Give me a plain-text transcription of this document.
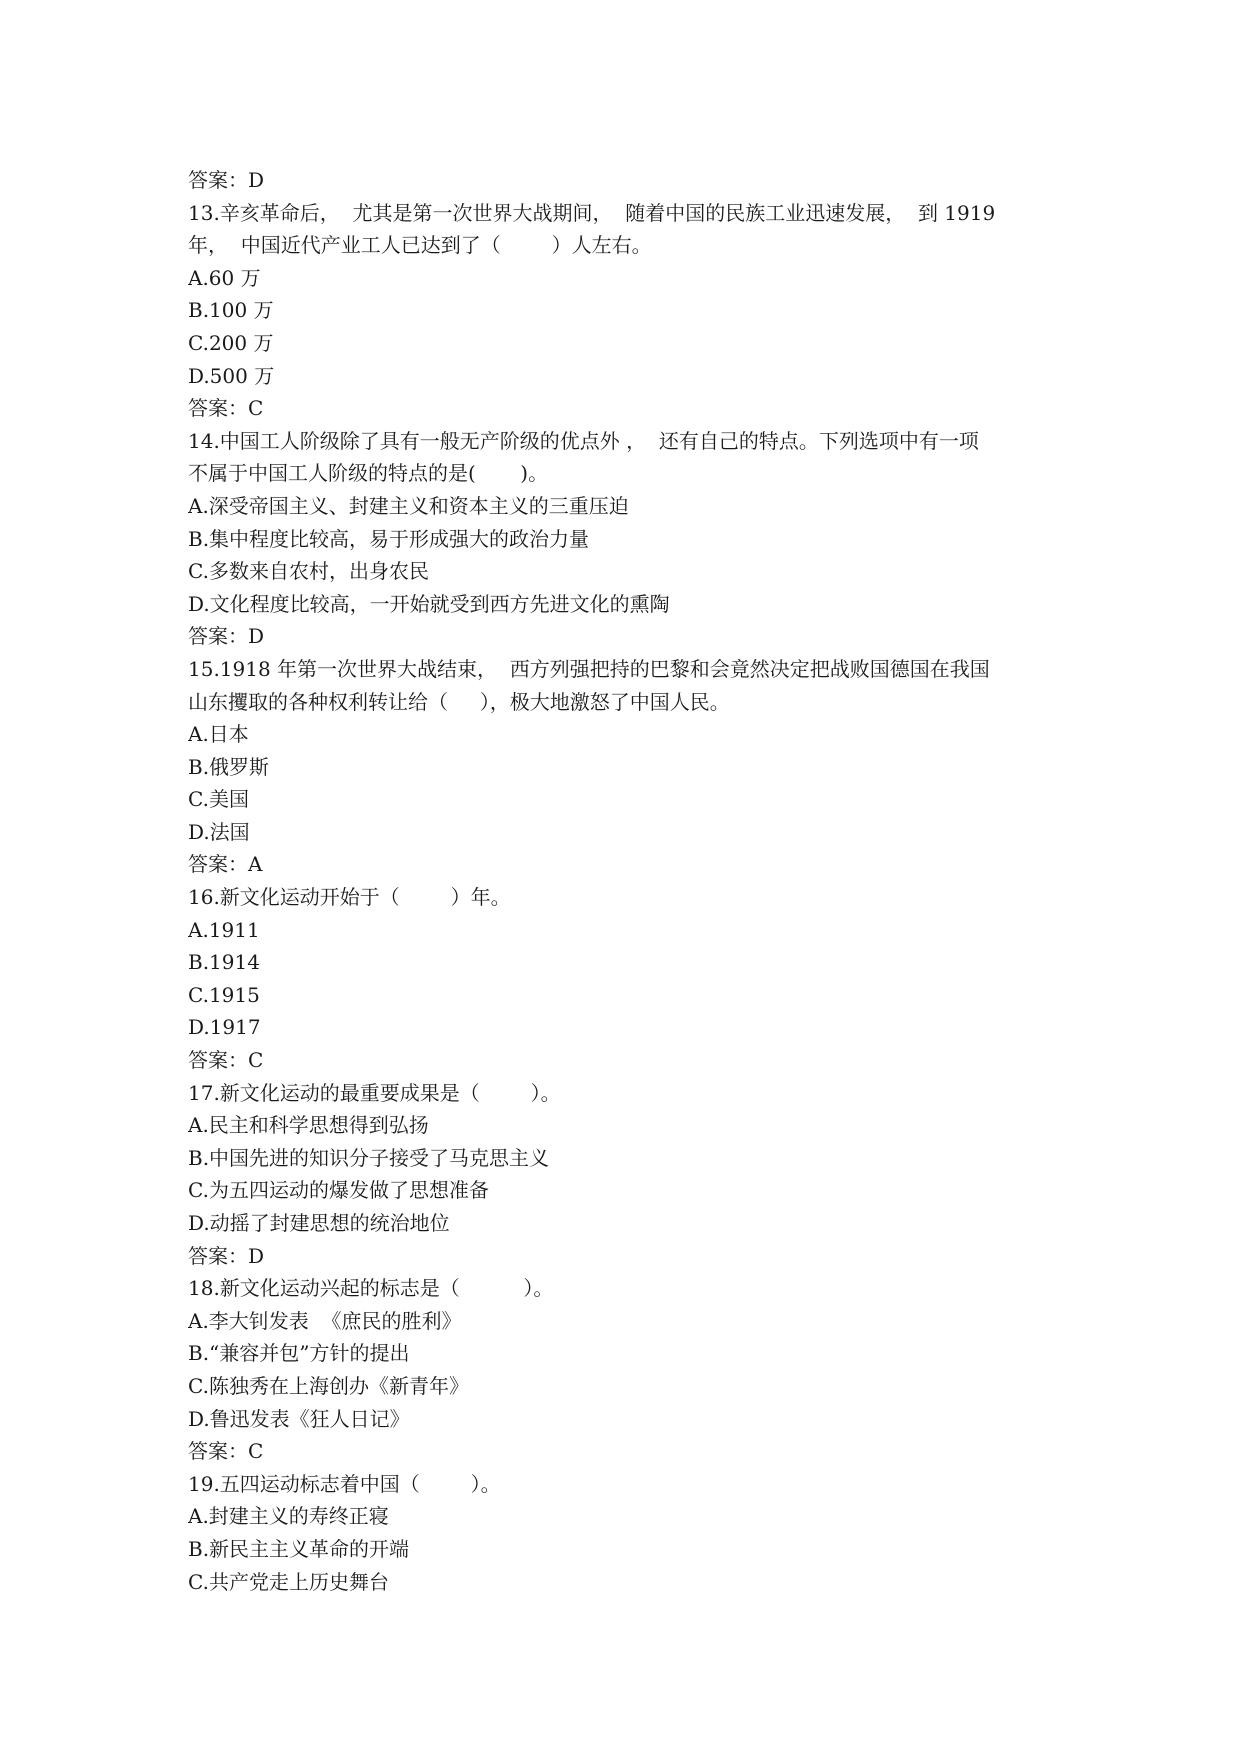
答案：D
13.辛亥革命后，  尤其是第一次世界大战期间，  随着中国的民族工业迅速发展，  到 1919
年，  中国近代产业工人已达到了（        ）人左右。
A.60 万
B.100 万
C.200 万
D.500 万
答案：C
14.中国工人阶级除了具有一般无产阶级的优点外 ，  还有自己的特点。下列选项中有一项
不属于中国工人阶级的特点的是(       )。
A.深受帝国主义、封建主义和资本主义的三重压迫
B.集中程度比较高，易于形成强大的政治力量
C.多数来自农村，出身农民
D.文化程度比较高，一开始就受到西方先进文化的熏陶
答案：D
15.1918 年第一次世界大战结束，  西方列强把持的巴黎和会竟然决定把战败国德国在我国
山东攫取的各种权利转让给（     ），极大地激怒了中国人民。
A.日本
B.俄罗斯
C.美国
D.法国
答案：A
16.新文化运动开始于（        ）年。
A.1911
B.1914
C.1915
D.1917
答案：C
17.新文化运动的最重要成果是（        ）。
A.民主和科学思想得到弘扬
B.中国先进的知识分子接受了马克思主义
C.为五四运动的爆发做了思想准备
D.动摇了封建思想的统治地位
答案：D
18.新文化运动兴起的标志是（          ）。
A.李大钊发表  《庶民的胜利》
B.“兼容并包”方针的提出
C.陈独秀在上海创办《新青年》
D.鲁迅发表《狂人日记》
答案：C
19.五四运动标志着中国（        ）。
A.封建主义的寿终正寝
B.新民主主义革命的开端
C.共产党走上历史舞台
